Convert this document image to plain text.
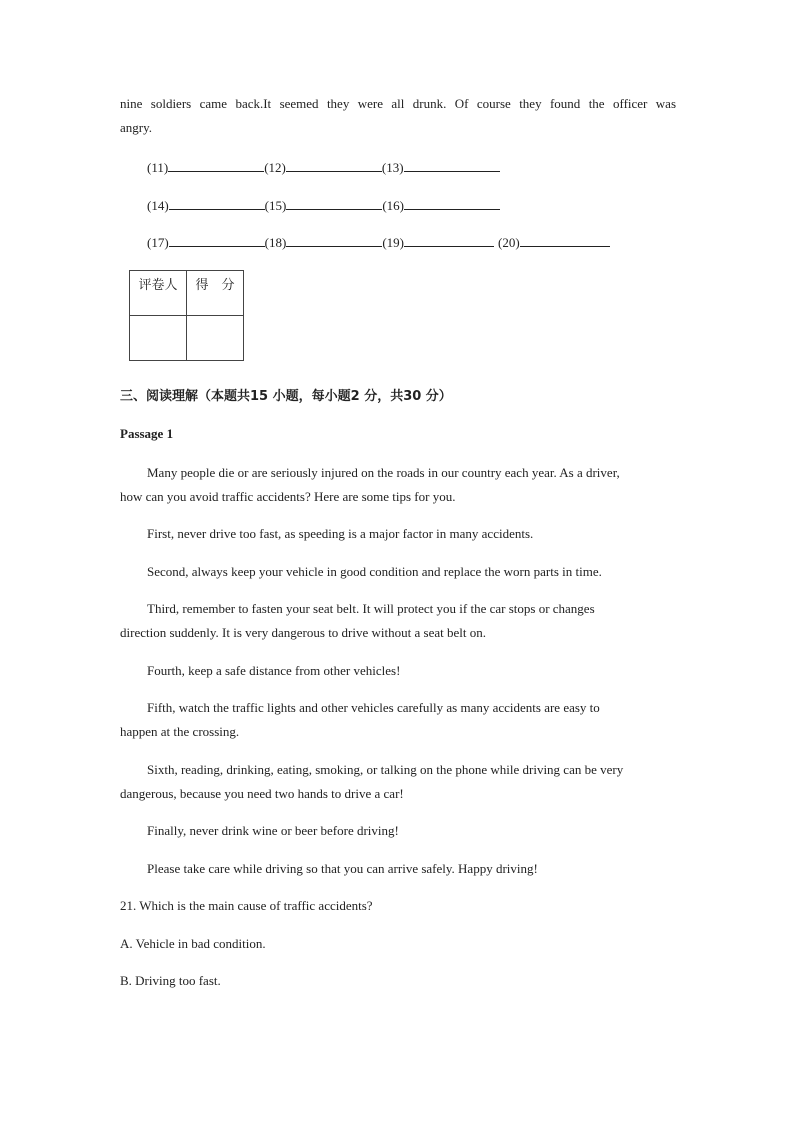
nine soldiers came back.It seemed they were all drunk. Of course they found the officer was
angry.
(11)	(12)	(13)
(14)	(15)	(16)
(17)	(18)	(19)	(20)
评卷人	得　分

三、阅读理解（本题共15 小题，每小题2 分，共30 分）
Passage 1
Many people die or are seriously injured on the roads in our country each year. As a driver,
how can you avoid traffic accidents? Here are some tips for you.
First, never drive too fast, as speeding is a major factor in many accidents.
Second, always keep your vehicle in good condition and replace the worn parts in time.
Third, remember to fasten your seat belt. It will protect you if the car stops or changes
direction suddenly. It is very dangerous to drive without a seat belt on.
Fourth, keep a safe distance from other vehicles!
Fifth, watch the traffic lights and other vehicles carefully as many accidents are easy to
happen at the crossing.
Sixth, reading, drinking, eating, smoking, or talking on the phone while driving can be very
dangerous, because you need two hands to drive a car!
Finally, never drink wine or beer before driving!
Please take care while driving so that you can arrive safely. Happy driving!
21. Which is the main cause of traffic accidents?
A. Vehicle in bad condition.
B. Driving too fast.
